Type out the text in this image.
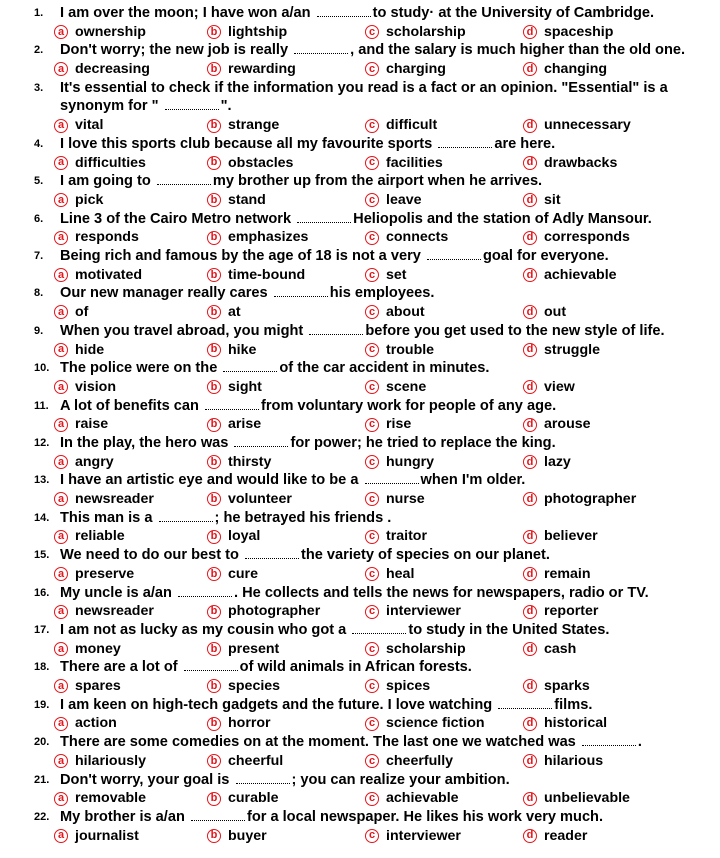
1. I am over the moon; I have won a/an	to study· at the University of Cambridge.
a ownership	b lightship	c scholarship	d spaceship
2. Don't worry; the new job is really	, and the salary is much higher than the old one.
a decreasing	b rewarding	c charging	d changing
3. It's essential to check if the information you read is a fact or an opinion. "Essential" is a synonym for "	".
a vital	b strange	c difficult	d unnecessary
4. I love this sports club because all my favourite sports	are here.
a difficulties	b obstacles	c facilities	d drawbacks
5. I am going to	my brother up from the airport when he arrives.
a pick	b stand	c leave	d sit
6. Line 3 of the Cairo Metro network	Heliopolis and the station of Adly Mansour.
a responds	b emphasizes	c connects	d corresponds
7. Being rich and famous by the age of 18 is not a very	goal for everyone.
a motivated	b time-bound	c set	d achievable
8. Our new manager really cares	his employees.
a of	b at	c about	d out
9. When you travel abroad, you might	before you get used to the new style of life.
a hide	b hike	c trouble	d struggle
10. The police were on the	of the car accident in minutes.
a vision	b sight	c scene	d view
11. A lot of benefits can	from voluntary work for people of any age.
a raise	b arise	c rise	d arouse
12. In the play, the hero was	for power; he tried to replace the king.
a angry	b thirsty	c hungry	d lazy
13. I have an artistic eye and would like to be a	when I'm older.
a newsreader	b volunteer	c nurse	d photographer
14. This man is a	; he betrayed his friends .
a reliable	b loyal	c traitor	d believer
15. We need to do our best to	the variety of species on our planet.
a preserve	b cure	c heal	d remain
16. My uncle is a/an	. He collects and tells the news for newspapers, radio or TV.
a newsreader	b photographer	c interviewer	d reporter
17. I am not as lucky as my cousin who got a	to study in the United States.
a money	b present	c scholarship	d cash
18. There are a lot of	of wild animals in African forests.
a spares	b species	c spices	d sparks
19. I am keen on high-tech gadgets and the future. I love watching	films.
a action	b horror	c science fiction	d historical
20. There are some comedies on at the moment. The last one we watched was	.
a hilariously	b cheerful	c cheerfully	d hilarious
21. Don't worry, your goal is	; you can realize your ambition.
a removable	b curable	c achievable	d unbelievable
22. My brother is a/an	for a local newspaper. He likes his work very much.
a journalist	b buyer	c interviewer	d reader
